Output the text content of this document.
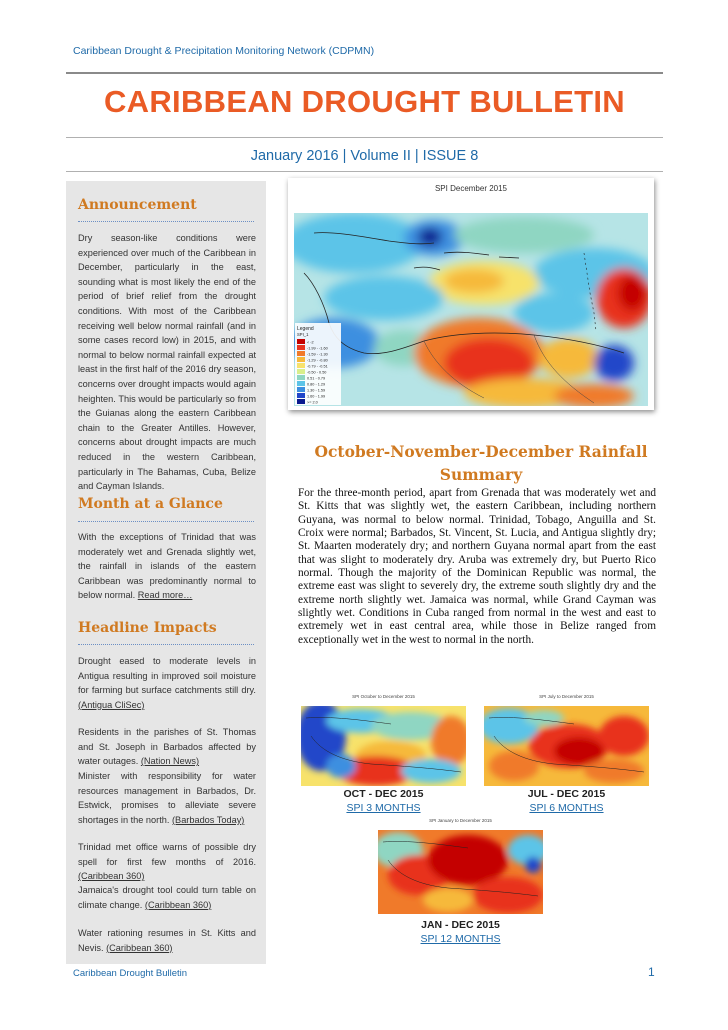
Caribbean Drought & Precipitation Monitoring Network (CDPMN)
CARIBBEAN DROUGHT BULLETIN
January 2016 | Volume II | ISSUE 8
Announcement
Dry season-like conditions were experienced over much of the Caribbean in December, particularly in the east, sounding what is most likely the end of the period of brief relief from the drought conditions. With most of the Caribbean receiving well below normal rainfall (and in some cases record low) in 2015, and with normal to below normal rainfall expected at least in the first half of the 2016 dry season, concerns over drought impacts would again heighten. This would be particularly so from the Guianas along the eastern Caribbean chain to the Greater Antilles. However, concerns about drought impacts are much reduced in the western Caribbean, particularly in The Bahamas, Cuba, Belize and Cayman Islands.
Month at a Glance
With the exceptions of Trinidad that was moderately wet and Grenada slightly wet, the rainfall in islands of the eastern Caribbean was predominantly normal to below normal. Read more…
Headline Impacts
Drought eased to moderate levels in Antigua resulting in improved soil moisture for farming but surface catchments still dry. (Antigua CliSec)
Residents in the parishes of St. Thomas and St. Joseph in Barbados affected by water outages. (Nation News)
Minister with responsibility for water resources management in Barbados, Dr. Estwick, promises to alleviate severe shortages in the north. (Barbados Today)
Trinidad met office warns of possible dry spell for first few months of 2016. (Caribbean 360)
Jamaica's drought tool could turn table on climate change. (Caribbean 360)
Water rationing resumes in St. Kitts and Nevis. (Caribbean 360)
SPI December 2015
Legend
SPI_1
< -2
-1.99 - -1.60
-1.59 - -1.30
-1.29 - -0.80
-0.79 - -0.51
-0.50 - 0.50
0.51 - 0.79
0.80 - 1.29
1.30 - 1.59
1.60 - 1.99
>= 2.0
October-November-December Rainfall Summary
For the three-month period, apart from Grenada that was moderately wet and St. Kitts that was slightly wet, the eastern Caribbean, including northern Guyana, was normal to below normal. Trinidad, Tobago, Anguilla and St. Croix were normal; Barbados, St. Vincent, St. Lucia, and Antigua slightly dry; St. Maarten moderately dry; and northern Guyana normal apart from the east that was slight to moderately dry. Aruba was extremely dry, but Puerto Rico normal. Though the majority of the Dominican Republic was normal, the extreme east was slight to severely dry, the extreme south slightly dry and the extreme north slightly wet. Jamaica was normal, while Grand Cayman was slightly wet. Conditions in Cuba ranged from normal in the west and east to extremely wet in east central area, while those in Belize ranged from exceptionally wet in the west to normal in the north.
SPI October to December 2015
OCT - DEC 2015
SPI 3 MONTHS
SPI July to December 2015
JUL - DEC 2015
SPI 6 MONTHS
SPI January to December 2015
JAN - DEC 2015
SPI 12 MONTHS
Caribbean Drought Bulletin	1
